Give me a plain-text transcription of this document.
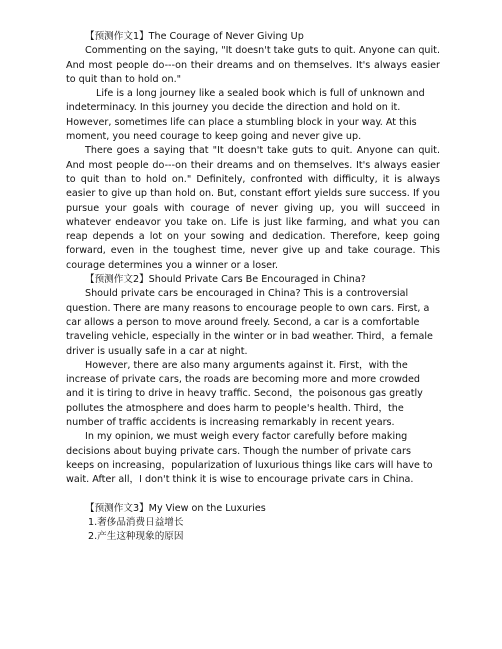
【预测作文1】The Courage of Never Giving Up

Commenting on the saying, "It doesn't take guts to quit. Anyone can quit. And most people do---on their dreams and on themselves. It's always easier to quit than to hold on."

Life is a long journey like a sealed book which is full of unknown and indeterminacy. In this journey you decide the direction and hold on it. However, sometimes life can place a stumbling block in your way. At this moment, you need courage to keep going and never give up.

There goes a saying that "It doesn't take guts to quit. Anyone can quit. And most people do---on their dreams and on themselves. It's always easier to quit than to hold on." Definitely, confronted with difficulty, it is always easier to give up than hold on. But, constant effort yields sure success. If you pursue your goals with courage of never giving up, you will succeed in whatever endeavor you take on. Life is just like farming, and what you can reap depends a lot on your sowing and dedication. Therefore, keep going forward, even in the toughest time, never give up and take courage. This courage determines you a winner or a loser.

【预测作文2】Should Private Cars Be Encouraged in China?

Should private cars be encouraged in China? This is a controversial question. There are many reasons to encourage people to own cars. First, a car allows a person to move around freely. Second, a car is a comfortable traveling vehicle, especially in the winter or in bad weather. Third，a female driver is usually safe in a car at night.

However, there are also many arguments against it. First，with the increase of private cars, the roads are becoming more and more crowded and it is tiring to drive in heavy traffic. Second，the poisonous gas greatly pollutes the atmosphere and does harm to people's health. Third，the number of traffic accidents is increasing remarkably in recent years.

In my opinion, we must weigh every factor carefully before making decisions about buying private cars. Though the number of private cars keeps on increasing，popularization of luxurious things like cars will have to wait. After all，I don't think it is wise to encourage private cars in China.

【预测作文3】My View on the Luxuries

1.奢侈品消费日益增长

2.产生这种现象的原因
